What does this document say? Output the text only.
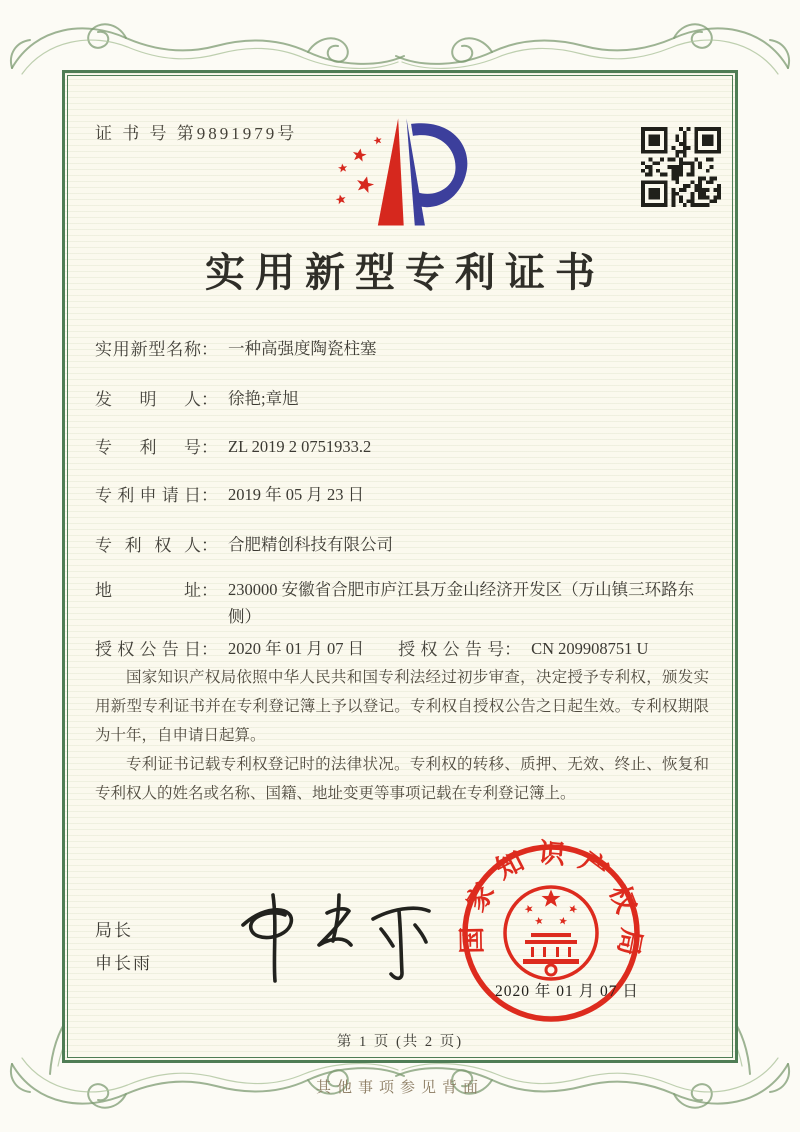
证 书 号 第9891979号
实用新型专利证书
实用新型名称 ： 一种高强度陶瓷柱塞
发明人 ： 徐艳;章旭
专利号 ： ZL 2019 2 0751933.2
专利申请日 ： 2019 年 05 月 23 日
专利权人 ： 合肥精创科技有限公司
地址 ： 230000 安徽省合肥市庐江县万金山经济开发区（万山镇三环路东侧）
授权公告日 ： 2020 年 01 月 07 日 授权公告号 ： CN 209908751 U

国家知识产权局依照中华人民共和国专利法经过初步审查，决定授予专利权，颁发实用新型专利证书并在专利登记簿上予以登记。专利权自授权公告之日起生效。专利权期限为十年，自申请日起算。

专利证书记载专利权登记时的法律状况。专利权的转移、质押、无效、终止、恢复和专利权人的姓名或名称、国籍、地址变更等事项记载在专利登记簿上。

局长
申长雨
国家知识产权局
2020 年 01 月 07 日
第 1 页 (共 2 页)
其他事项参见背面
